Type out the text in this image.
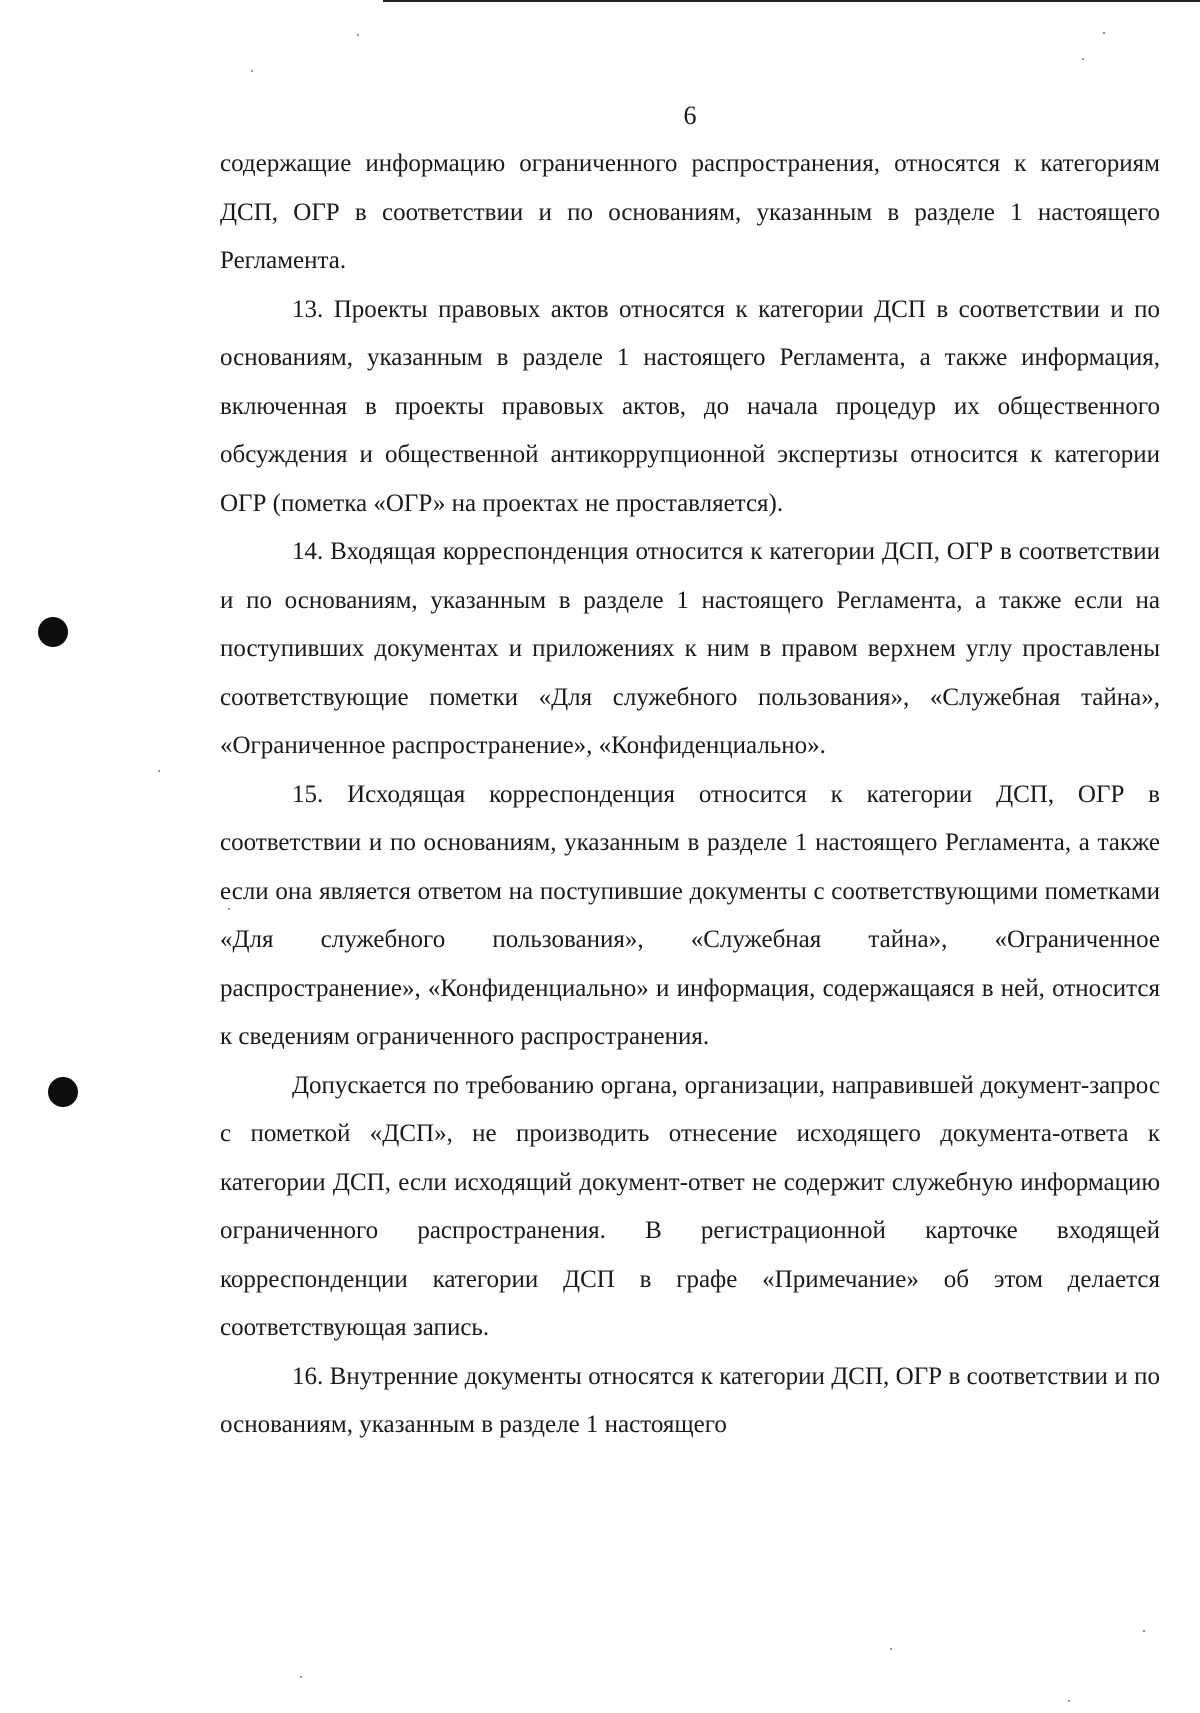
6

содержащие информацию ограниченного распространения, относятся к категориям ДСП, ОГР в соответствии и по основаниям, указанным в разделе 1 настоящего Регламента.

13. Проекты правовых актов относятся к категории ДСП в соответствии и по основаниям, указанным в разделе 1 настоящего Регламента, а также информация, включенная в проекты правовых актов, до начала процедур их общественного обсуждения и общественной антикоррупционной экспертизы относится к категории ОГР (пометка «ОГР» на проектах не проставляется).

14. Входящая корреспонденция относится к категории ДСП, ОГР в соответствии и по основаниям, указанным в разделе 1 настоящего Регламента, а также если на поступивших документах и приложениях к ним в правом верхнем углу проставлены соответствующие пометки «Для служебного пользования», «Служебная тайна», «Ограниченное распространение», «Конфиденциально».

15. Исходящая корреспонденция относится к категории ДСП, ОГР в соответствии и по основаниям, указанным в разделе 1 настоящего Регламента, а также если она является ответом на поступившие документы с соответствующими пометками «Для служебного пользования», «Служебная тайна», «Ограниченное распространение», «Конфиденциально» и информация, содержащаяся в ней, относится к сведениям ограниченного распространения.

Допускается по требованию органа, организации, направившей документ-запрос с пометкой «ДСП», не производить отнесение исходящего документа-ответа к категории ДСП, если исходящий документ-ответ не содержит служебную информацию ограниченного распространения. В регистрационной карточке входящей корреспонденции категории ДСП в графе «Примечание» об этом делается соответствующая запись.

16. Внутренние документы относятся к категории ДСП, ОГР в соответствии и по основаниям, указанным в разделе 1 настоящего
